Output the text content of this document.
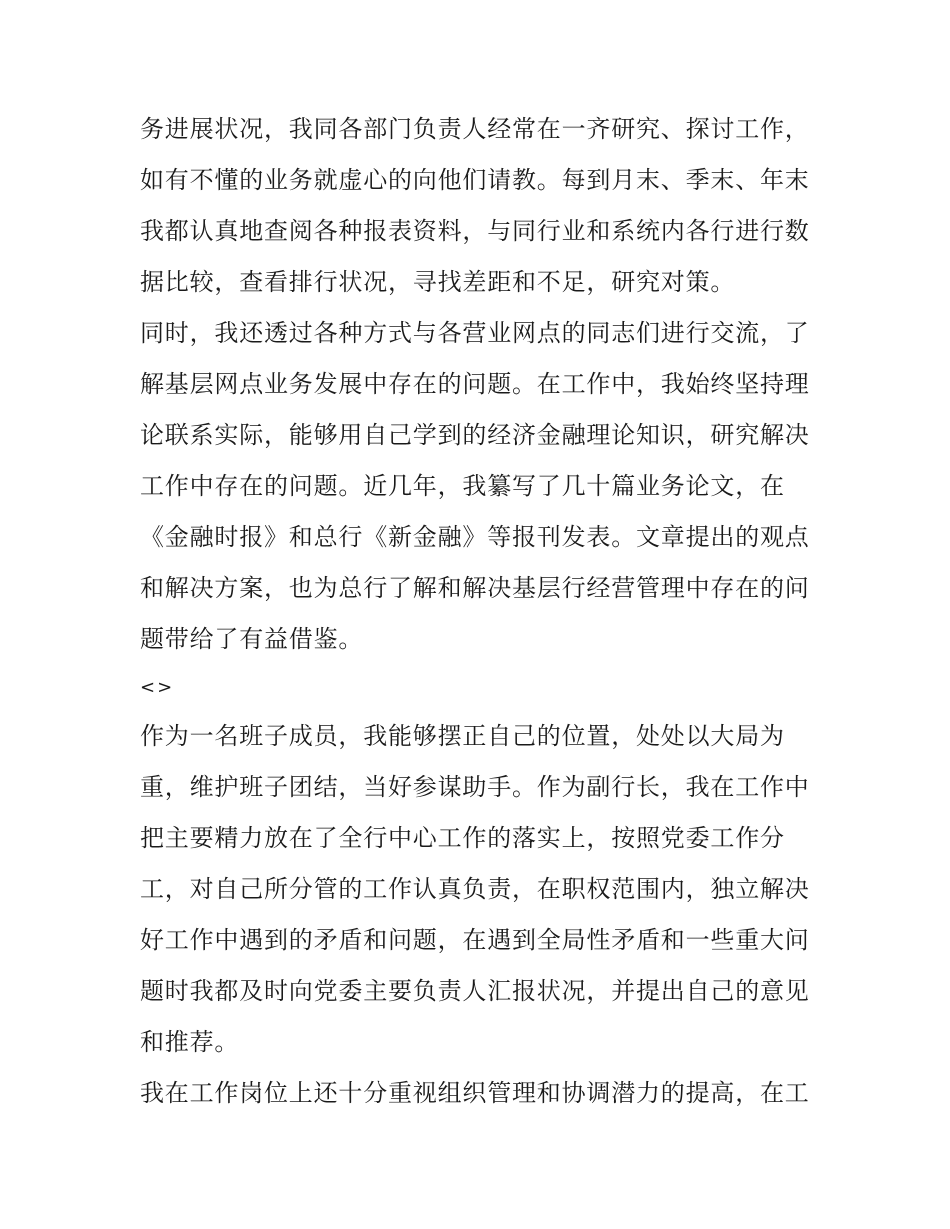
务进展状况，我同各部门负责人经常在一齐研究、探讨工作，
如有不懂的业务就虚心的向他们请教。每到月末、季末、年末
我都认真地查阅各种报表资料，与同行业和系统内各行进行数
据比较，查看排行状况，寻找差距和不足，研究对策。
同时，我还透过各种方式与各营业网点的同志们进行交流，了
解基层网点业务发展中存在的问题。在工作中，我始终坚持理
论联系实际，能够用自己学到的经济金融理论知识，研究解决
工作中存在的问题。近几年，我纂写了几十篇业务论文，在
《金融时报》和总行《新金融》等报刊发表。文章提出的观点
和解决方案，也为总行了解和解决基层行经营管理中存在的问
题带给了有益借鉴。
<>
作为一名班子成员，我能够摆正自己的位置，处处以大局为
重，维护班子团结，当好参谋助手。作为副行长，我在工作中
把主要精力放在了全行中心工作的落实上，按照党委工作分
工，对自己所分管的工作认真负责，在职权范围内，独立解决
好工作中遇到的矛盾和问题，在遇到全局性矛盾和一些重大问
题时我都及时向党委主要负责人汇报状况，并提出自己的意见
和推荐。
我在工作岗位上还十分重视组织管理和协调潜力的提高，在工
